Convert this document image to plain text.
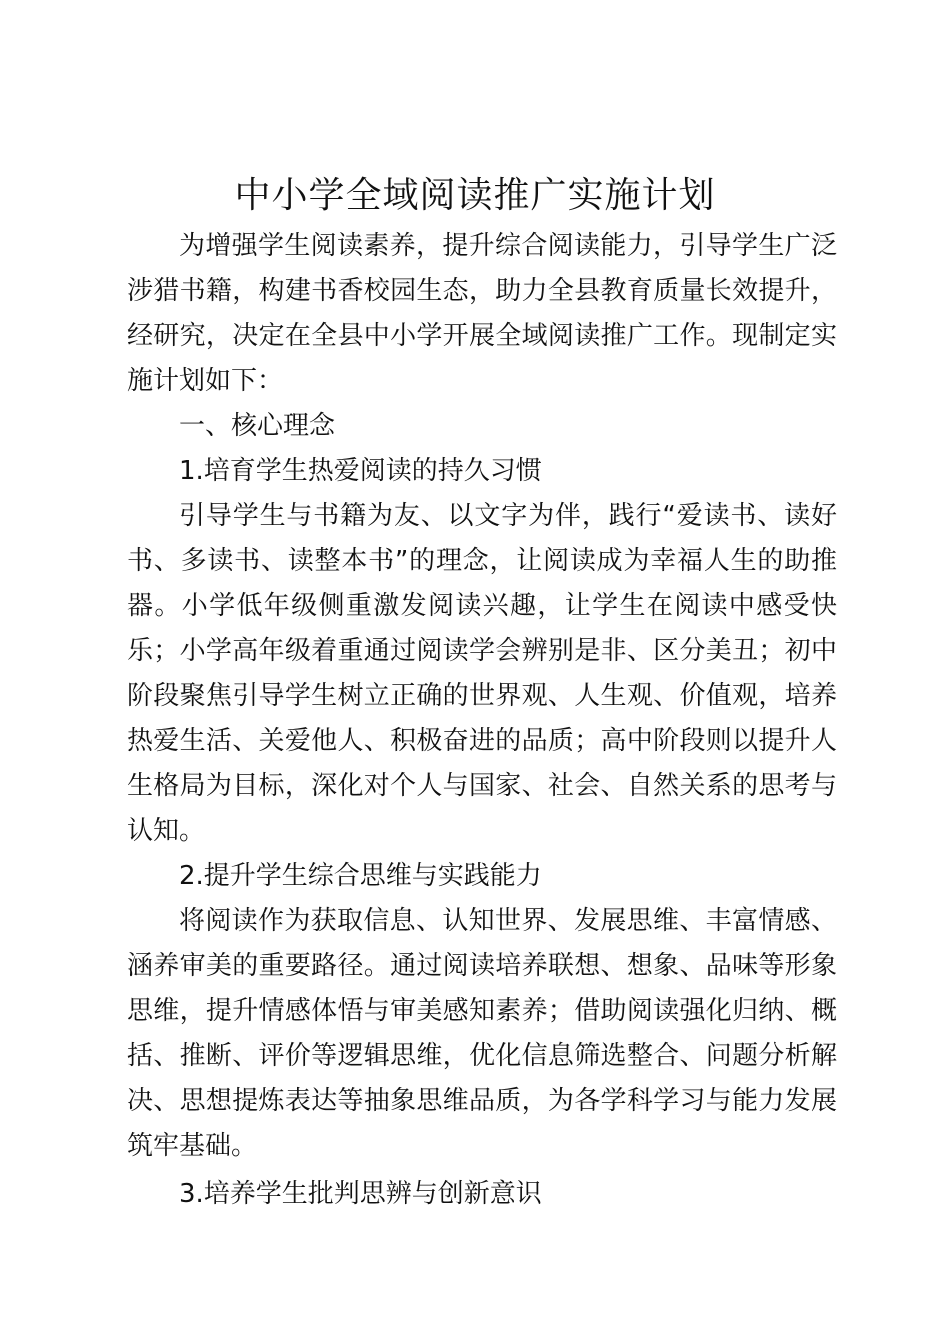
中小学全域阅读推广实施计划

为增强学生阅读素养，提升综合阅读能力，引导学生广泛涉猎书籍，构建书香校园生态，助力全县教育质量长效提升，经研究，决定在全县中小学开展全域阅读推广工作。现制定实施计划如下：

一、核心理念

1.培育学生热爱阅读的持久习惯

引导学生与书籍为友、以文字为伴，践行“爱读书、读好书、多读书、读整本书”的理念，让阅读成为幸福人生的助推器。小学低年级侧重激发阅读兴趣，让学生在阅读中感受快乐；小学高年级着重通过阅读学会辨别是非、区分美丑；初中阶段聚焦引导学生树立正确的世界观、人生观、价值观，培养热爱生活、关爱他人、积极奋进的品质；高中阶段则以提升人生格局为目标，深化对个人与国家、社会、自然关系的思考与认知。

2.提升学生综合思维与实践能力

将阅读作为获取信息、认知世界、发展思维、丰富情感、涵养审美的重要路径。通过阅读培养联想、想象、品味等形象思维，提升情感体悟与审美感知素养；借助阅读强化归纳、概括、推断、评价等逻辑思维，优化信息筛选整合、问题分析解决、思想提炼表达等抽象思维品质，为各学科学习与能力发展筑牢基础。

3.培养学生批判思辨与创新意识
